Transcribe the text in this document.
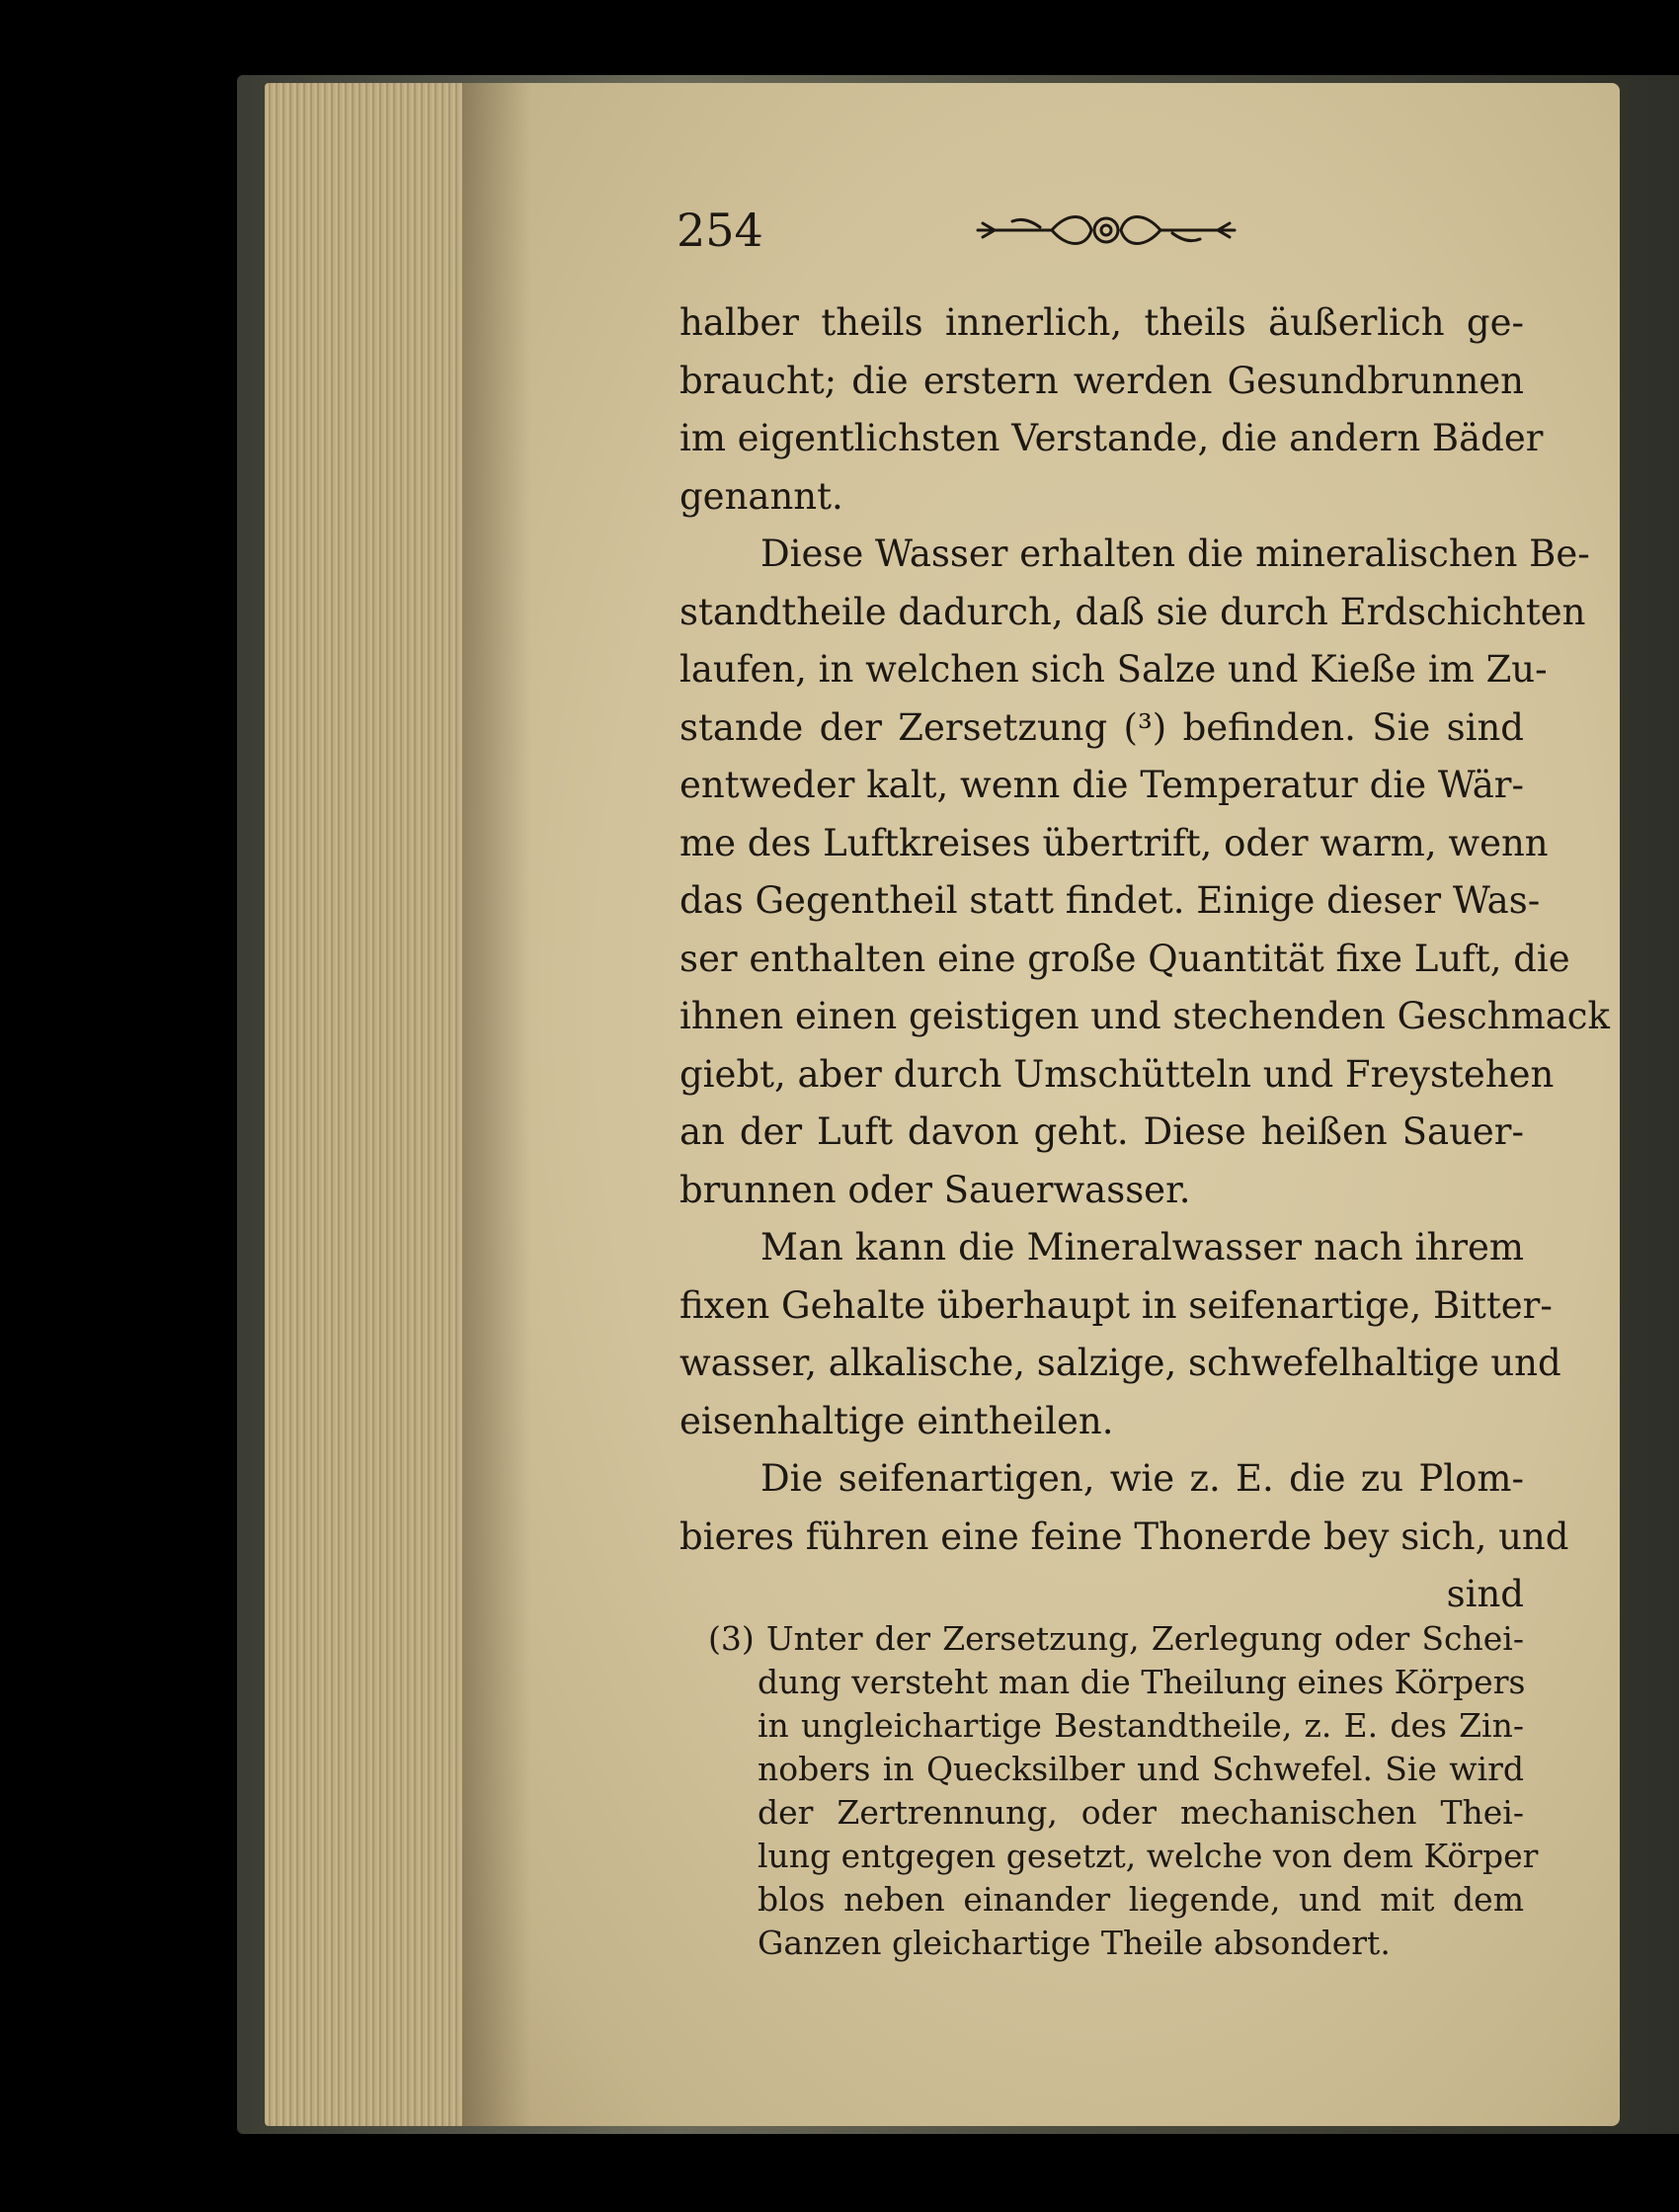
254
halber theils innerlich, theils äußerlich ge-
braucht; die erstern werden Gesundbrunnen
im eigentlichsten Verstande, die andern Bäder
genannt.
Diese Wasser erhalten die mineralischen Be-
standtheile dadurch, daß sie durch Erdschichten
laufen, in welchen sich Salze und Kieße im Zu-
stande der Zersetzung (³) befinden. Sie sind
entweder kalt, wenn die Temperatur die Wär-
me des Luftkreises übertrift, oder warm, wenn
das Gegentheil statt findet. Einige dieser Was-
ser enthalten eine große Quantität fixe Luft, die
ihnen einen geistigen und stechenden Geschmack
giebt, aber durch Umschütteln und Freystehen
an der Luft davon geht. Diese heißen Sauer-
brunnen oder Sauerwasser.
Man kann die Mineralwasser nach ihrem
fixen Gehalte überhaupt in seifenartige, Bitter-
wasser, alkalische, salzige, schwefelhaltige und
eisenhaltige eintheilen.
Die seifenartigen, wie z. E. die zu Plom-
bieres führen eine feine Thonerde bey sich, und
sind
(3) Unter der Zersetzung, Zerlegung oder Schei-
dung versteht man die Theilung eines Körpers
in ungleichartige Bestandtheile, z. E. des Zin-
nobers in Quecksilber und Schwefel. Sie wird
der Zertrennung, oder mechanischen Thei-
lung entgegen gesetzt, welche von dem Körper
blos neben einander liegende, und mit dem
Ganzen gleichartige Theile absondert.
